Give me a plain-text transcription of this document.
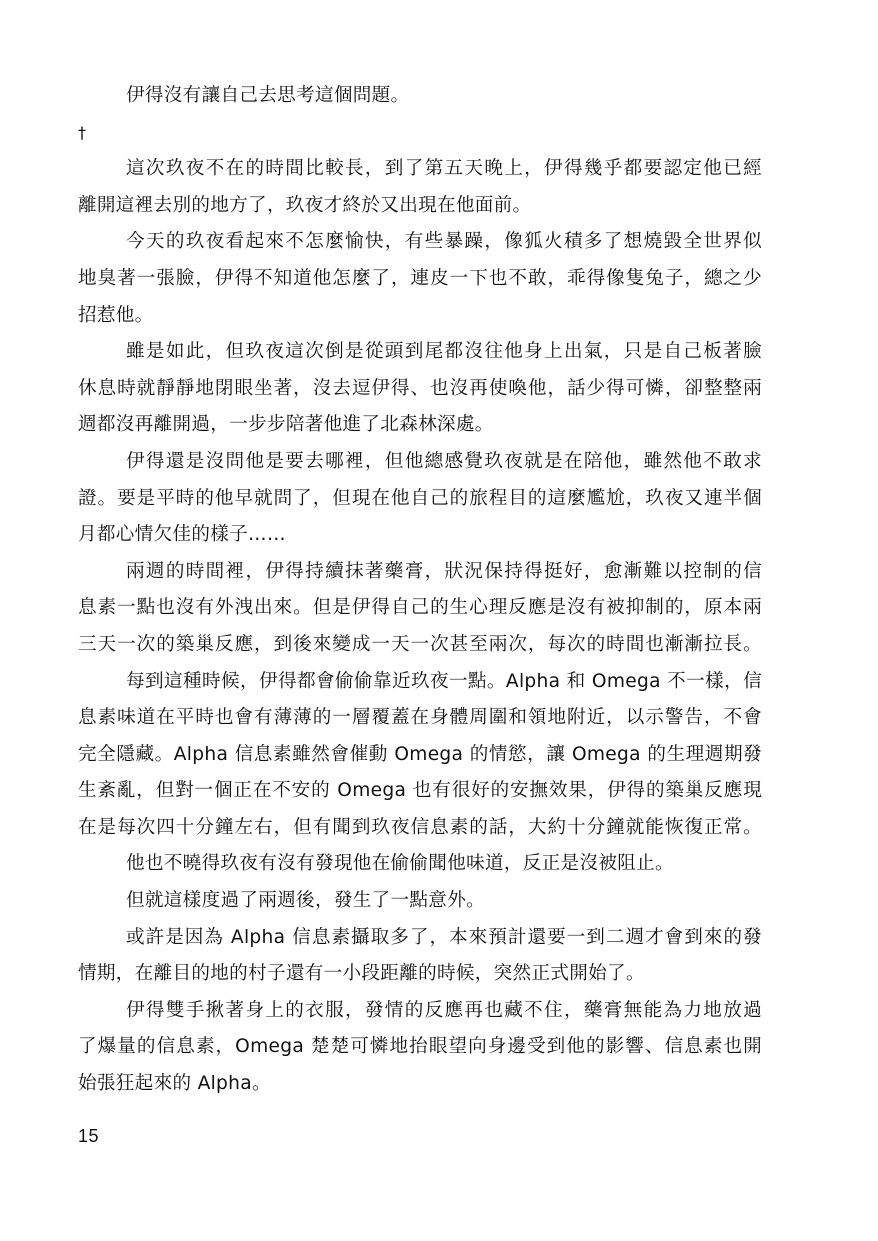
伊得沒有讓自己去思考這個問題。
†
這次玖夜不在的時間比較長，到了第五天晚上，伊得幾乎都要認定他已經
離開這裡去別的地方了，玖夜才終於又出現在他面前。
今天的玖夜看起來不怎麼愉快，有些暴躁，像狐火積多了想燒毀全世界似
地臭著一張臉，伊得不知道他怎麼了，連皮一下也不敢，乖得像隻兔子，總之少
招惹他。
雖是如此，但玖夜這次倒是從頭到尾都沒往他身上出氣，只是自己板著臉
休息時就靜靜地閉眼坐著，沒去逗伊得、也沒再使喚他，話少得可憐，卻整整兩
週都沒再離開過，一步步陪著他進了北森林深處。
伊得還是沒問他是要去哪裡，但他總感覺玖夜就是在陪他，雖然他不敢求
證。要是平時的他早就問了，但現在他自己的旅程目的這麼尷尬，玖夜又連半個
月都心情欠佳的樣子……
兩週的時間裡，伊得持續抹著藥膏，狀況保持得挺好，愈漸難以控制的信
息素一點也沒有外洩出來。但是伊得自己的生心理反應是沒有被抑制的，原本兩
三天一次的築巢反應，到後來變成一天一次甚至兩次，每次的時間也漸漸拉長。
每到這種時候，伊得都會偷偷靠近玖夜一點。Alpha 和 Omega 不一樣，信
息素味道在平時也會有薄薄的一層覆蓋在身體周圍和領地附近，以示警告，不會
完全隱藏。Alpha 信息素雖然會催動 Omega 的情慾，讓 Omega 的生理週期發
生紊亂，但對一個正在不安的 Omega 也有很好的安撫效果，伊得的築巢反應現
在是每次四十分鐘左右，但有聞到玖夜信息素的話，大約十分鐘就能恢復正常。
他也不曉得玖夜有沒有發現他在偷偷聞他味道，反正是沒被阻止。
但就這樣度過了兩週後，發生了一點意外。
或許是因為 Alpha 信息素攝取多了，本來預計還要一到二週才會到來的發
情期，在離目的地的村子還有一小段距離的時候，突然正式開始了。
伊得雙手揪著身上的衣服，發情的反應再也藏不住，藥膏無能為力地放過
了爆量的信息素，Omega 楚楚可憐地抬眼望向身邊受到他的影響、信息素也開
始張狂起來的 Alpha。
15
